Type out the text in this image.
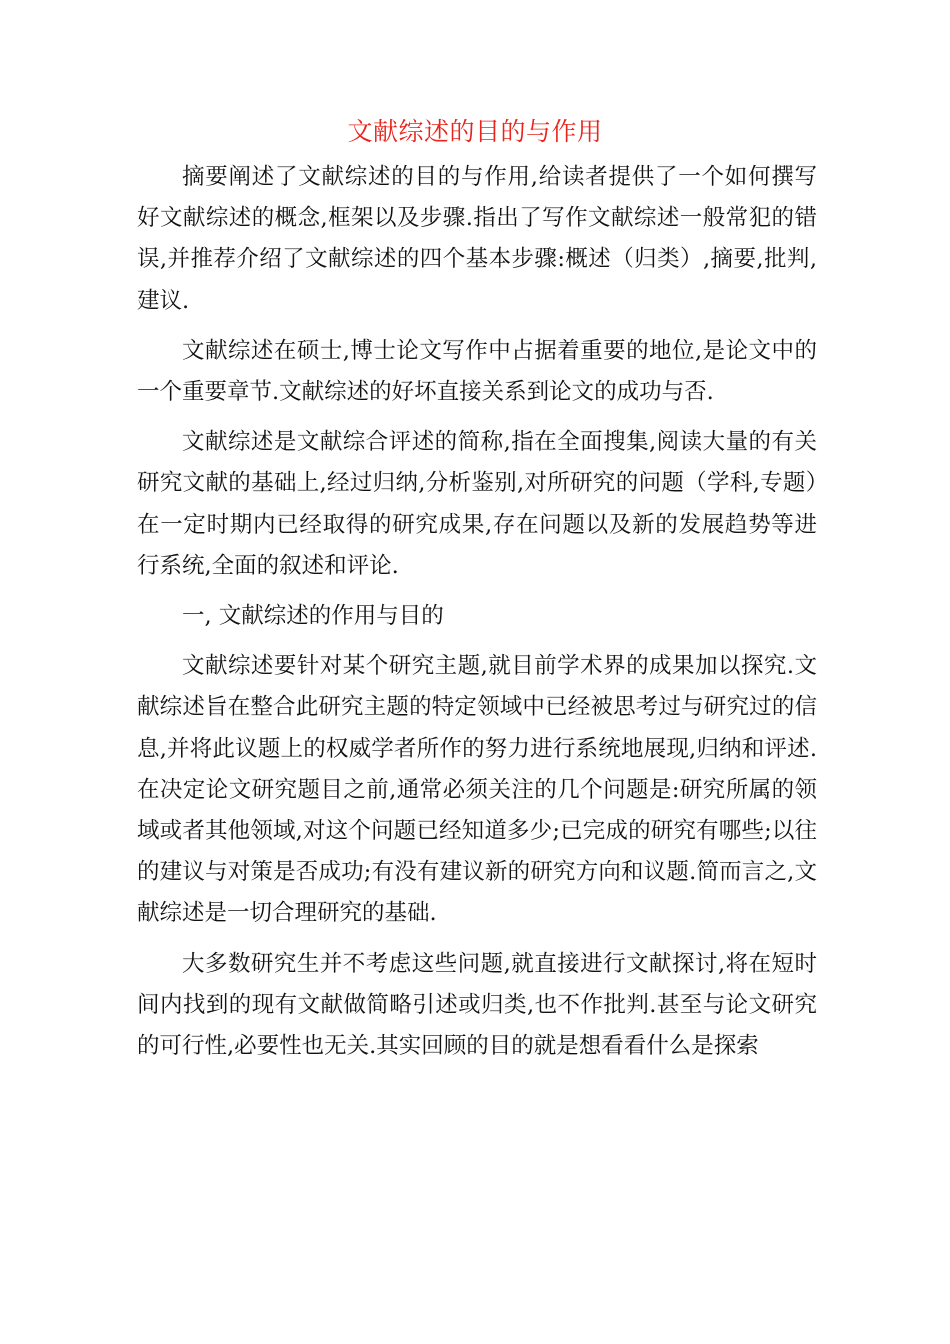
文献综述的目的与作用

摘要阐述了文献综述的目的与作用,给读者提供了一个如何撰写好文献综述的概念,框架以及步骤.指出了写作文献综述一般常犯的错误,并推荐介绍了文献综述的四个基本步骤:概述（归类）,摘要,批判,建议.

文献综述在硕士,博士论文写作中占据着重要的地位,是论文中的一个重要章节.文献综述的好坏直接关系到论文的成功与否.

文献综述是文献综合评述的简称,指在全面搜集,阅读大量的有关研究文献的基础上,经过归纳,分析鉴别,对所研究的问题（学科,专题）在一定时期内已经取得的研究成果,存在问题以及新的发展趋势等进行系统,全面的叙述和评论.

一, 文献综述的作用与目的

文献综述要针对某个研究主题,就目前学术界的成果加以探究.文献综述旨在整合此研究主题的特定领域中已经被思考过与研究过的信息,并将此议题上的权威学者所作的努力进行系统地展现,归纳和评述.在决定论文研究题目之前,通常必须关注的几个问题是:研究所属的领域或者其他领域,对这个问题已经知道多少;已完成的研究有哪些;以往的建议与对策是否成功;有没有建议新的研究方向和议题.简而言之,文献综述是一切合理研究的基础.

大多数研究生并不考虑这些问题,就直接进行文献探讨,将在短时间内找到的现有文献做简略引述或归类,也不作批判.甚至与论文研究的可行性,必要性也无关.其实回顾的目的就是想看看什么是探索
